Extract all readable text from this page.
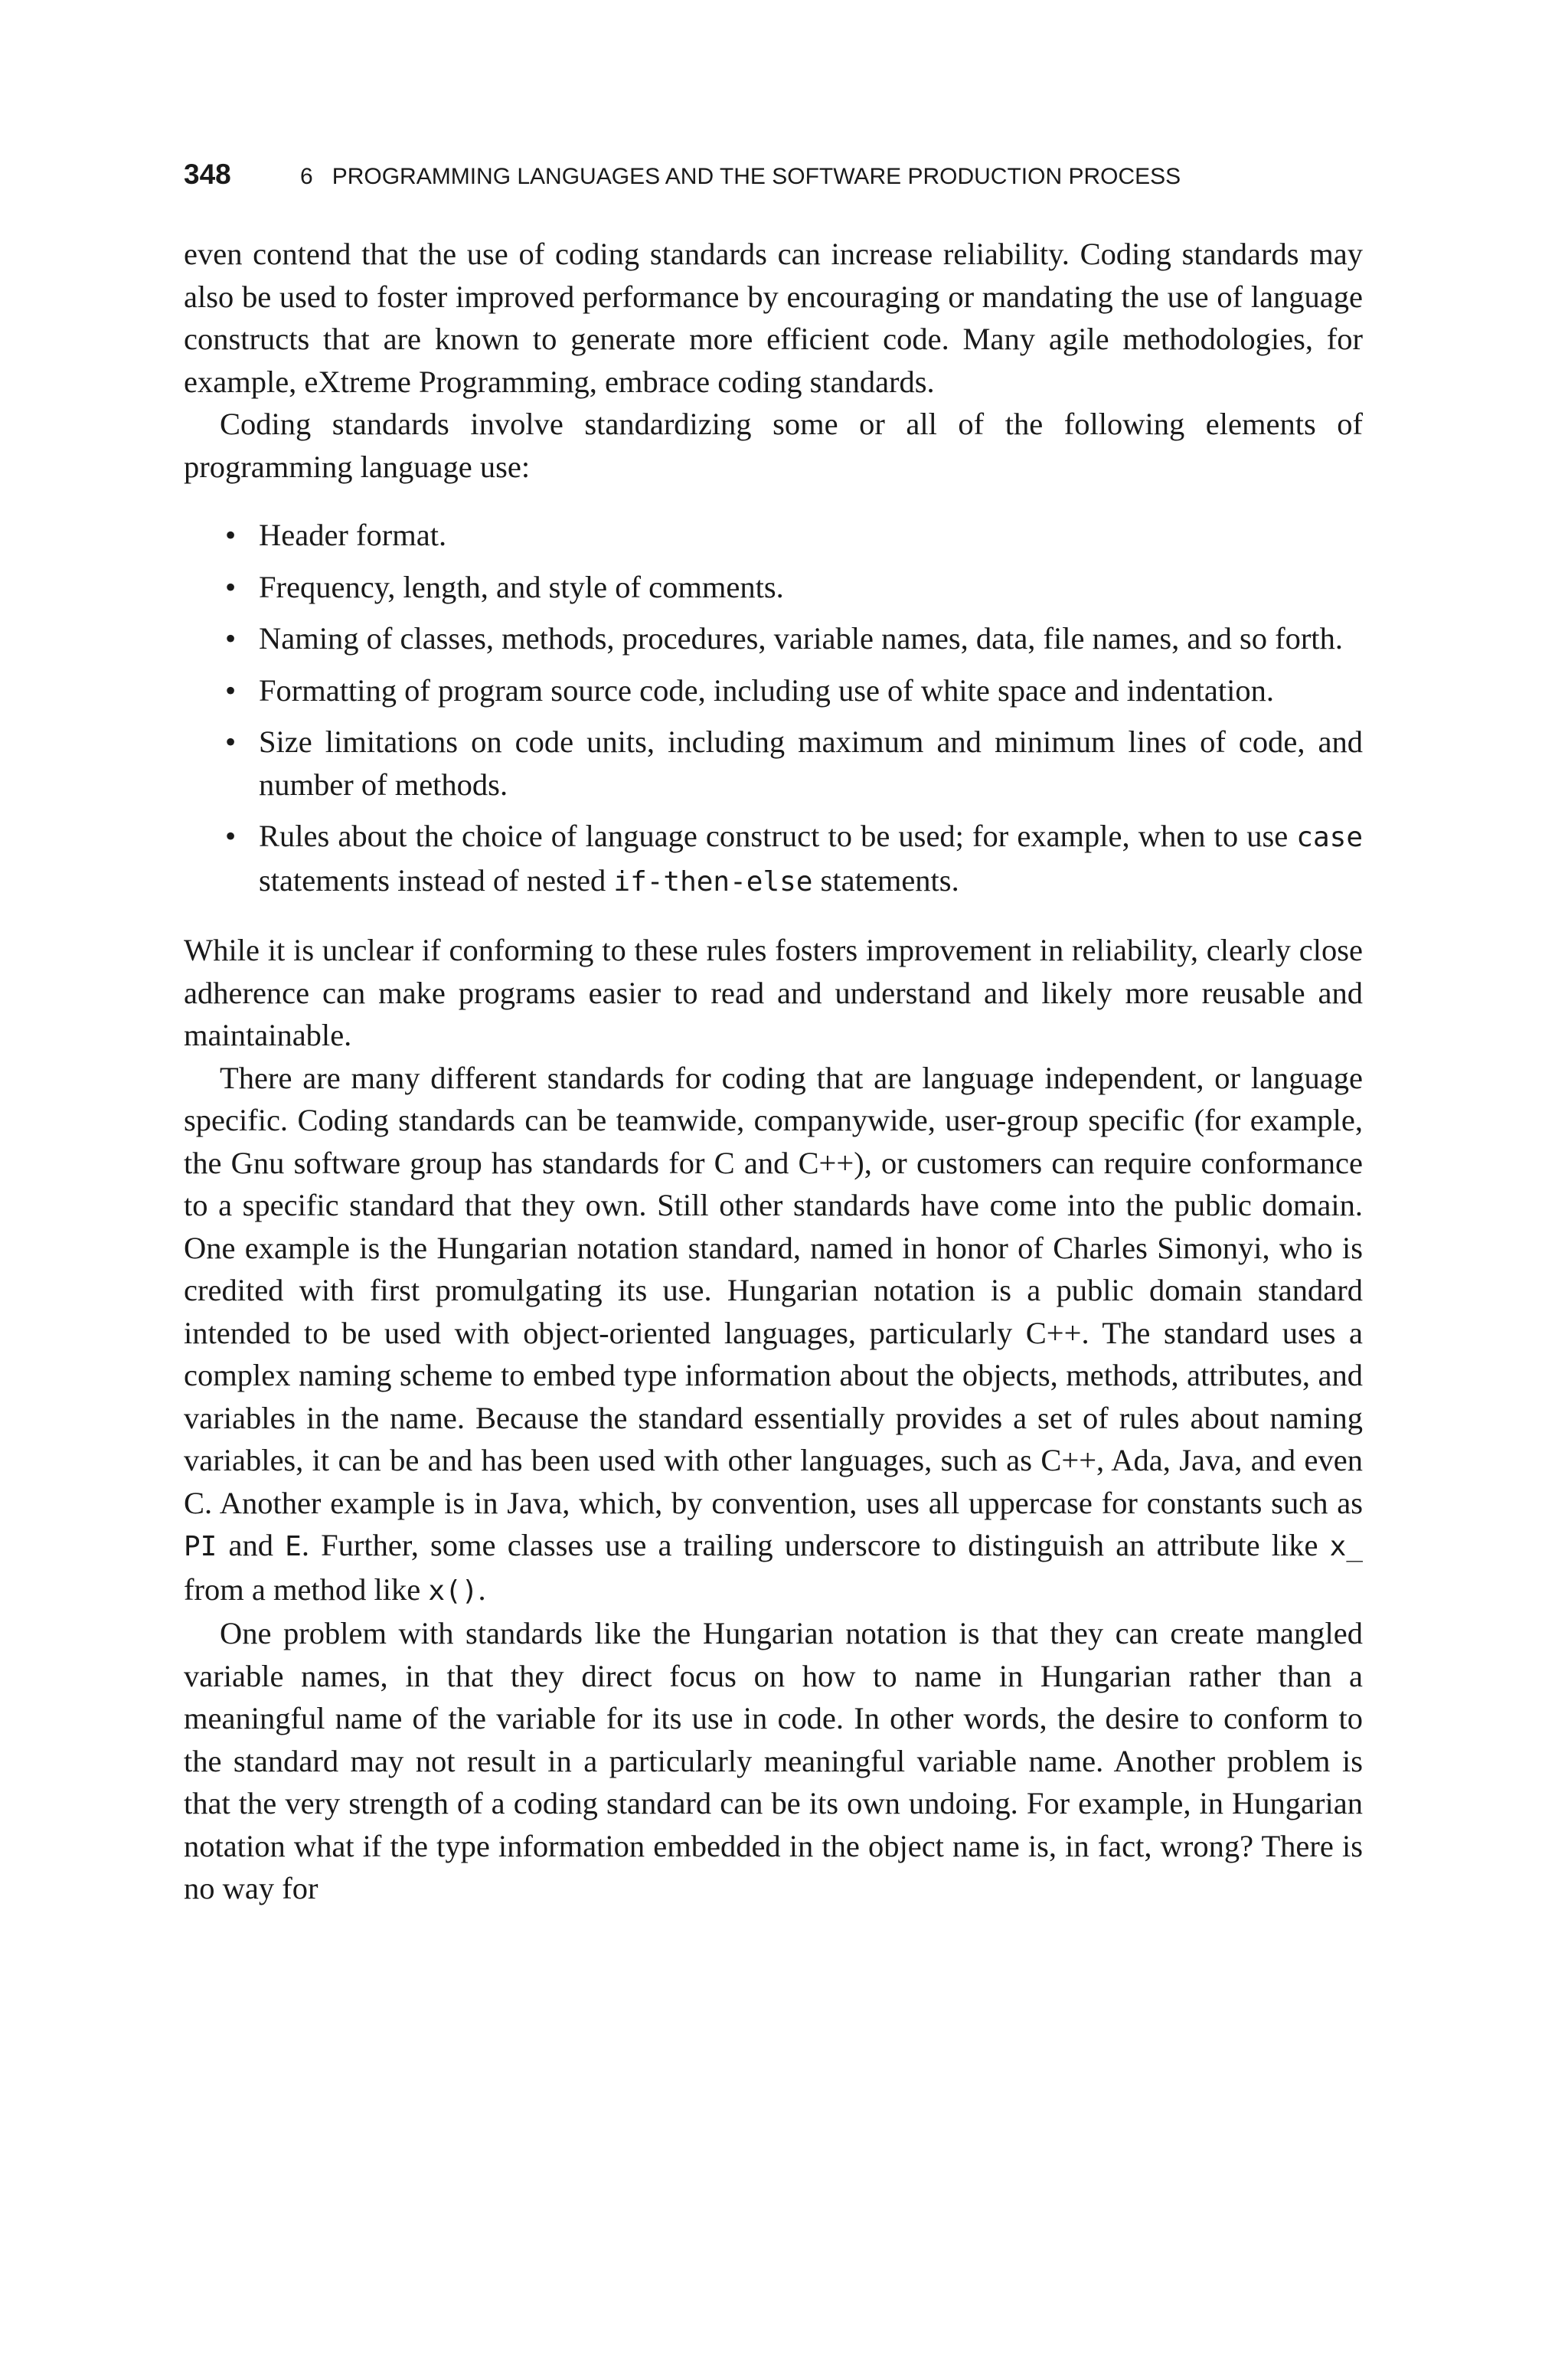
348	6   PROGRAMMING LANGUAGES AND THE SOFTWARE PRODUCTION PROCESS

even contend that the use of coding standards can increase reliability. Coding standards may also be used to foster improved performance by encouraging or mandating the use of language constructs that are known to generate more efficient code. Many agile methodologies, for example, eXtreme Programming, embrace coding standards.

Coding standards involve standardizing some or all of the following elements of programming language use:

• Header format.
• Frequency, length, and style of comments.
• Naming of classes, methods, procedures, variable names, data, file names, and so forth.
• Formatting of program source code, including use of white space and indentation.
• Size limitations on code units, including maximum and minimum lines of code, and number of methods.
• Rules about the choice of language construct to be used; for example, when to use case statements instead of nested if-then-else statements.

While it is unclear if conforming to these rules fosters improvement in reliability, clearly close adherence can make programs easier to read and understand and likely more reusable and maintainable.

There are many different standards for coding that are language independent, or language specific. Coding standards can be teamwide, companywide, user-group specific (for example, the Gnu software group has standards for C and C++), or customers can require conformance to a specific standard that they own. Still other standards have come into the public domain. One example is the Hungarian notation standard, named in honor of Charles Simonyi, who is credited with first promulgating its use. Hungarian notation is a public domain standard intended to be used with object-oriented languages, particularly C++. The standard uses a complex naming scheme to embed type information about the objects, methods, attributes, and variables in the name. Because the standard essentially provides a set of rules about naming variables, it can be and has been used with other languages, such as C++, Ada, Java, and even C. Another example is in Java, which, by convention, uses all uppercase for constants such as PI and E. Further, some classes use a trailing underscore to distinguish an attribute like x_ from a method like x().

One problem with standards like the Hungarian notation is that they can create mangled variable names, in that they direct focus on how to name in Hungarian rather than a meaningful name of the variable for its use in code. In other words, the desire to conform to the standard may not result in a particularly meaningful variable name. Another problem is that the very strength of a coding standard can be its own undoing. For example, in Hungarian notation what if the type information embedded in the object name is, in fact, wrong? There is no way for
